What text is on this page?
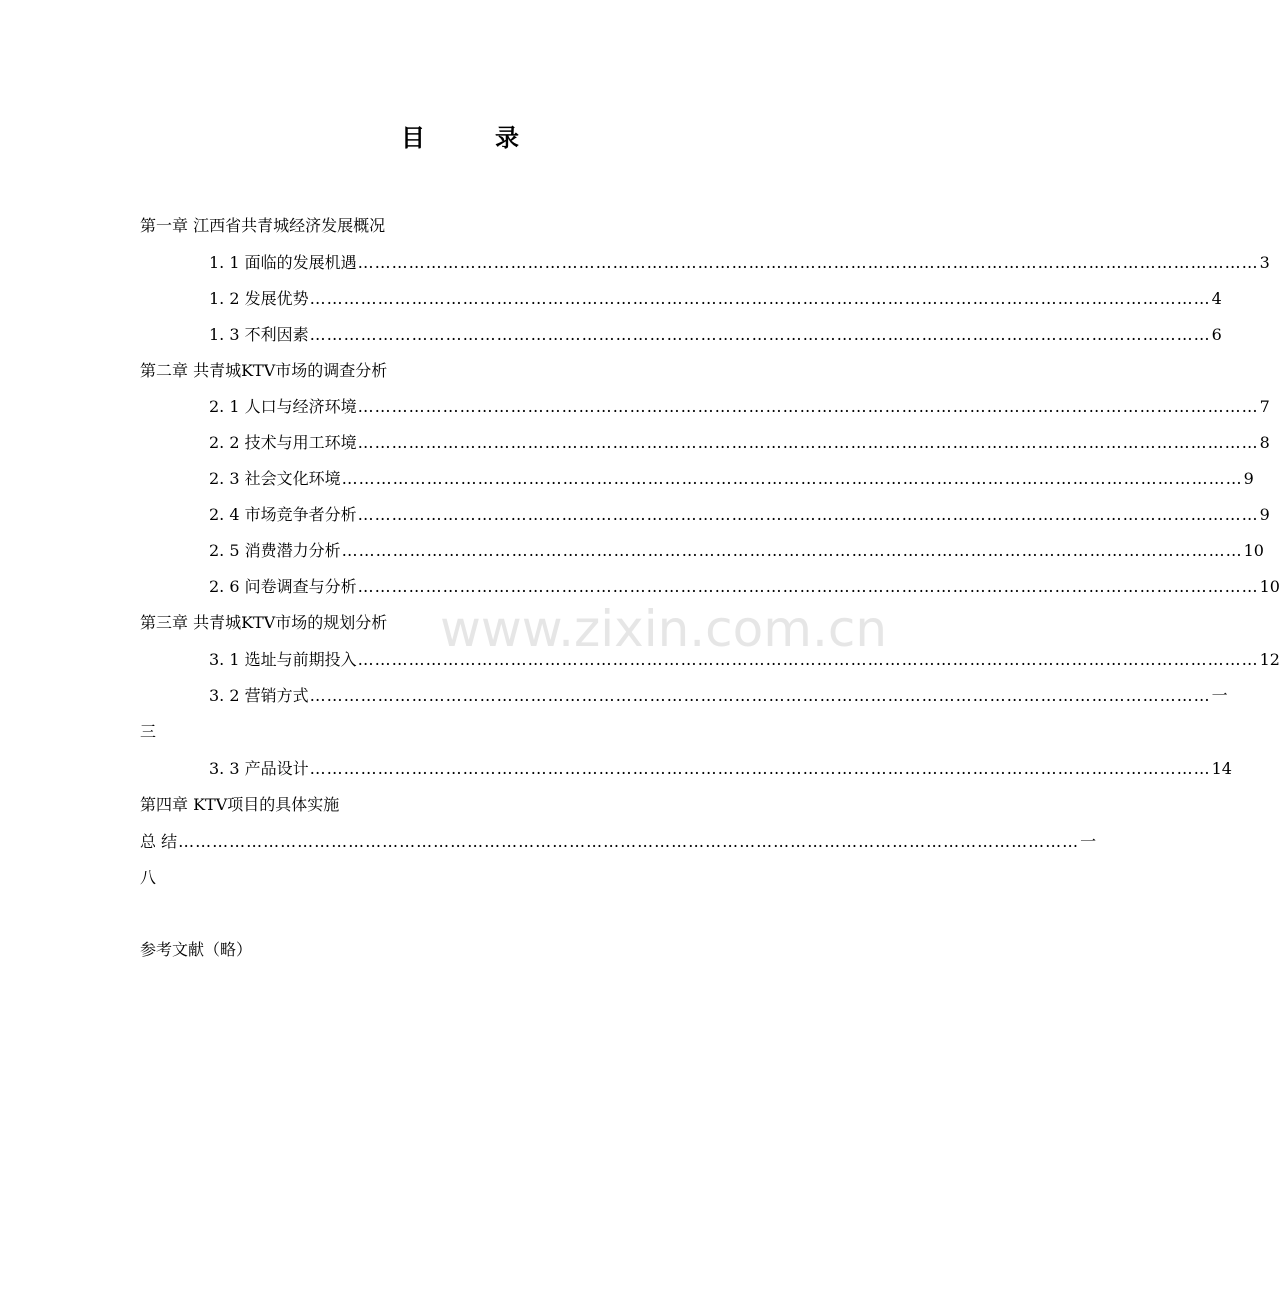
www.zixin.com.cn
目	录
第一章 江西省共青城经济发展概况
1. 1 面临的发展机遇 …………………………………………………………………………………………………………………………………………… 3
1. 2 发展优势 …………………………………………………………………………………………………………………………………………… 4
1. 3 不利因素 …………………………………………………………………………………………………………………………………………… 6
第二章 共青城KTV市场的调查分析
2. 1 人口与经济环境 …………………………………………………………………………………………………………………………………………… 7
2. 2 技术与用工环境 …………………………………………………………………………………………………………………………………………… 8
2. 3 社会文化环境 …………………………………………………………………………………………………………………………………………… 9
2. 4 市场竞争者分析 …………………………………………………………………………………………………………………………………………… 9
2. 5 消费潜力分析 …………………………………………………………………………………………………………………………………………… 10
2. 6 问卷调查与分析 …………………………………………………………………………………………………………………………………………… 10
第三章 共青城KTV市场的规划分析
3. 1 选址与前期投入 …………………………………………………………………………………………………………………………………………… 12
3. 2 营销方式 …………………………………………………………………………………………………………………………………………… 一
三
3. 3 产品设计 …………………………………………………………………………………………………………………………………………… 14
第四章 KTV项目的具体实施
总 结 …………………………………………………………………………………………………………………………………………… 一
八
参考文献（略）
